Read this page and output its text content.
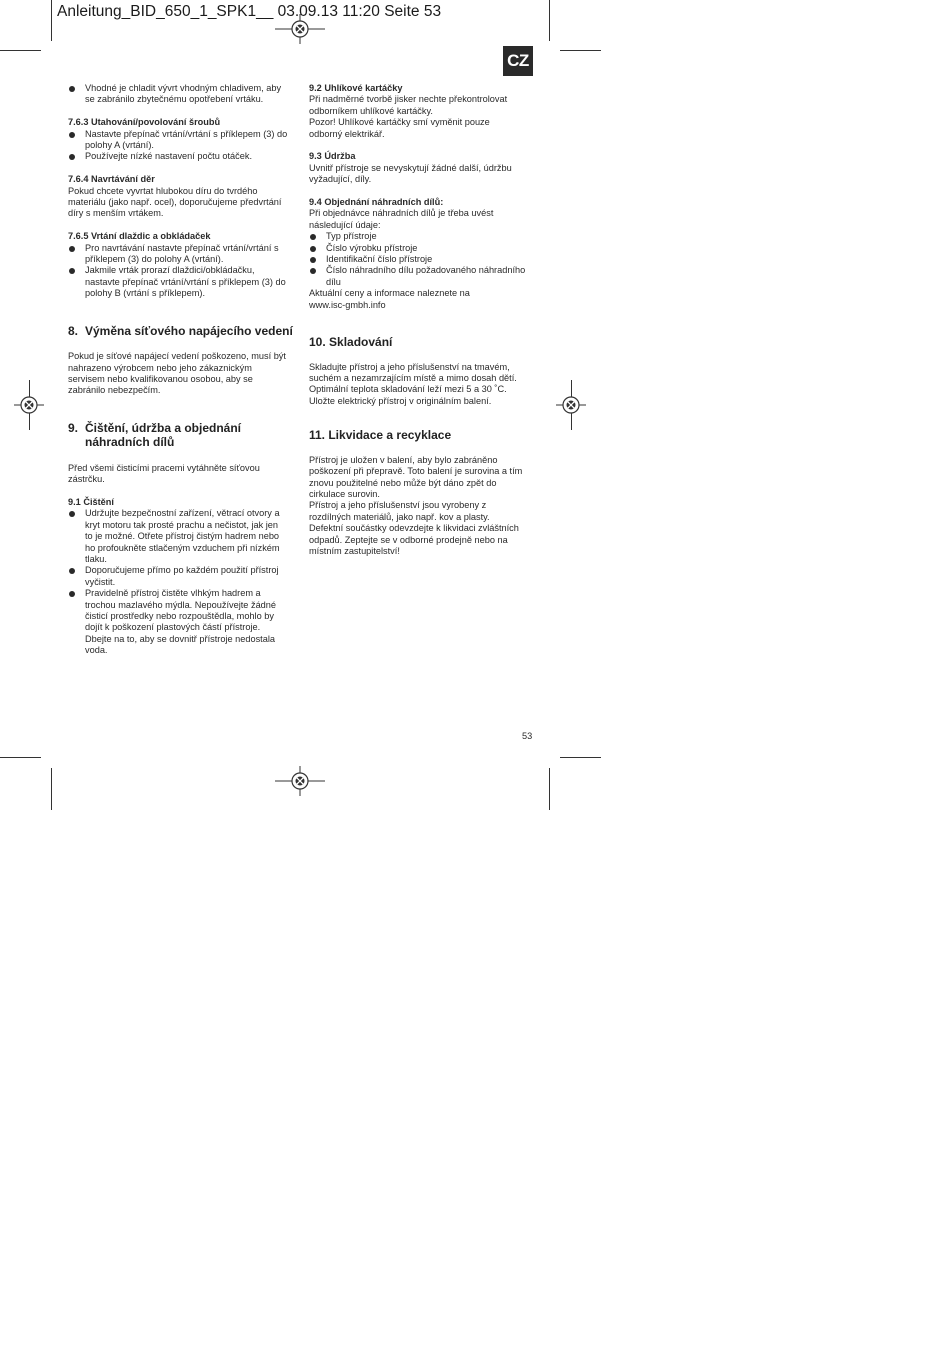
Anleitung_BID_650_1_SPK1__ 03.09.13 11:20 Seite 53
CZ

Vhodné je chladit vývrt vhodným chladivem, aby

se zabránilo zbytečnému opotřebení vrtáku.

7.6.3 Utahování/povolování šroubů

Nastavte přepínač vrtání/vrtání s příklepem (3) do

polohy A (vrtání).

Používejte nízké nastavení počtu otáček.

7.6.4 Navrtávání děr

Pokud chcete vyvrtat hlubokou díru do tvrdého

materiálu (jako např. ocel), doporučujeme předvrtání

díry s menším vrtákem.

7.6.5 Vrtání dlaždic a obkládaček

Pro navrtávání nastavte přepínač vrtání/vrtání s

příklepem (3) do polohy A (vrtání).

Jakmile vrták prorazí dlaždici/obkládačku,

nastavte přepínač vrtání/vrtání s příklepem (3) do

polohy B (vrtání s příklepem).

8. Výměna síťového napájecího vedení

Pokud je síťové napájecí vedení poškozeno, musí být

nahrazeno výrobcem nebo jeho zákaznickým

servisem nebo kvalifikovanou osobou, aby se

zabránilo nebezpečím.

9. Čištění, údržba a objednání

náhradních dílů

Před všemi čisticími pracemi vytáhněte síťovou

zástrčku.

9.1 Čištění

Udržujte bezpečnostní zařízení, větrací otvory a

kryt motoru tak prosté prachu a nečistot, jak jen

to je možné. Otřete přístroj čistým hadrem nebo

ho profoukněte stlačeným vzduchem při nízkém

tlaku.

Doporučujeme přímo po každém použití přístroj

vyčistit.

Pravidelně přístroj čistěte vlhkým hadrem a

trochou mazlavého mýdla. Nepoužívejte žádné

čisticí prostředky nebo rozpouštědla, mohlo by

dojít k poškození plastových částí přístroje.

Dbejte na to, aby se dovnitř přístroje nedostala

voda.

9.2 Uhlíkové kartáčky

Při nadměrné tvorbě jisker nechte překontrolovat

odborníkem uhlíkové kartáčky.

Pozor! Uhlíkové kartáčky smí vyměnit pouze

odborný elektrikář.

9.3 Údržba

Uvnitř přístroje se nevyskytují žádné další, údržbu

vyžadující, díly.

9.4 Objednání náhradních dílů:

Při objednávce náhradních dílů je třeba uvést

následující údaje:

Typ přístroje

Číslo výrobku přístroje

Identifikační číslo přístroje

Číslo náhradního dílu požadovaného náhradního

dílu

Aktuální ceny a informace naleznete na

www.isc-gmbh.info

10. Skladování

Skladujte přístroj a jeho příslušenství na tmavém,

suchém a nezamrzajícím místě a mimo dosah dětí.

Optimální teplota skladování leží mezi 5 a 30 ˚C.

Uložte elektrický přístroj v originálním balení.

11. Likvidace a recyklace

Přístroj je uložen v balení, aby bylo zabráněno

poškození při přepravě. Toto balení je surovina a tím

znovu použitelné nebo může být dáno zpět do

cirkulace surovin.

Přístroj a jeho příslušenství jsou vyrobeny z

rozdílných materiálů, jako např. kov a plasty.

Defektní součástky odevzdejte k likvidaci zvláštních

odpadů. Zeptejte se v odborné prodejně nebo na

místním zastupitelství!

53
